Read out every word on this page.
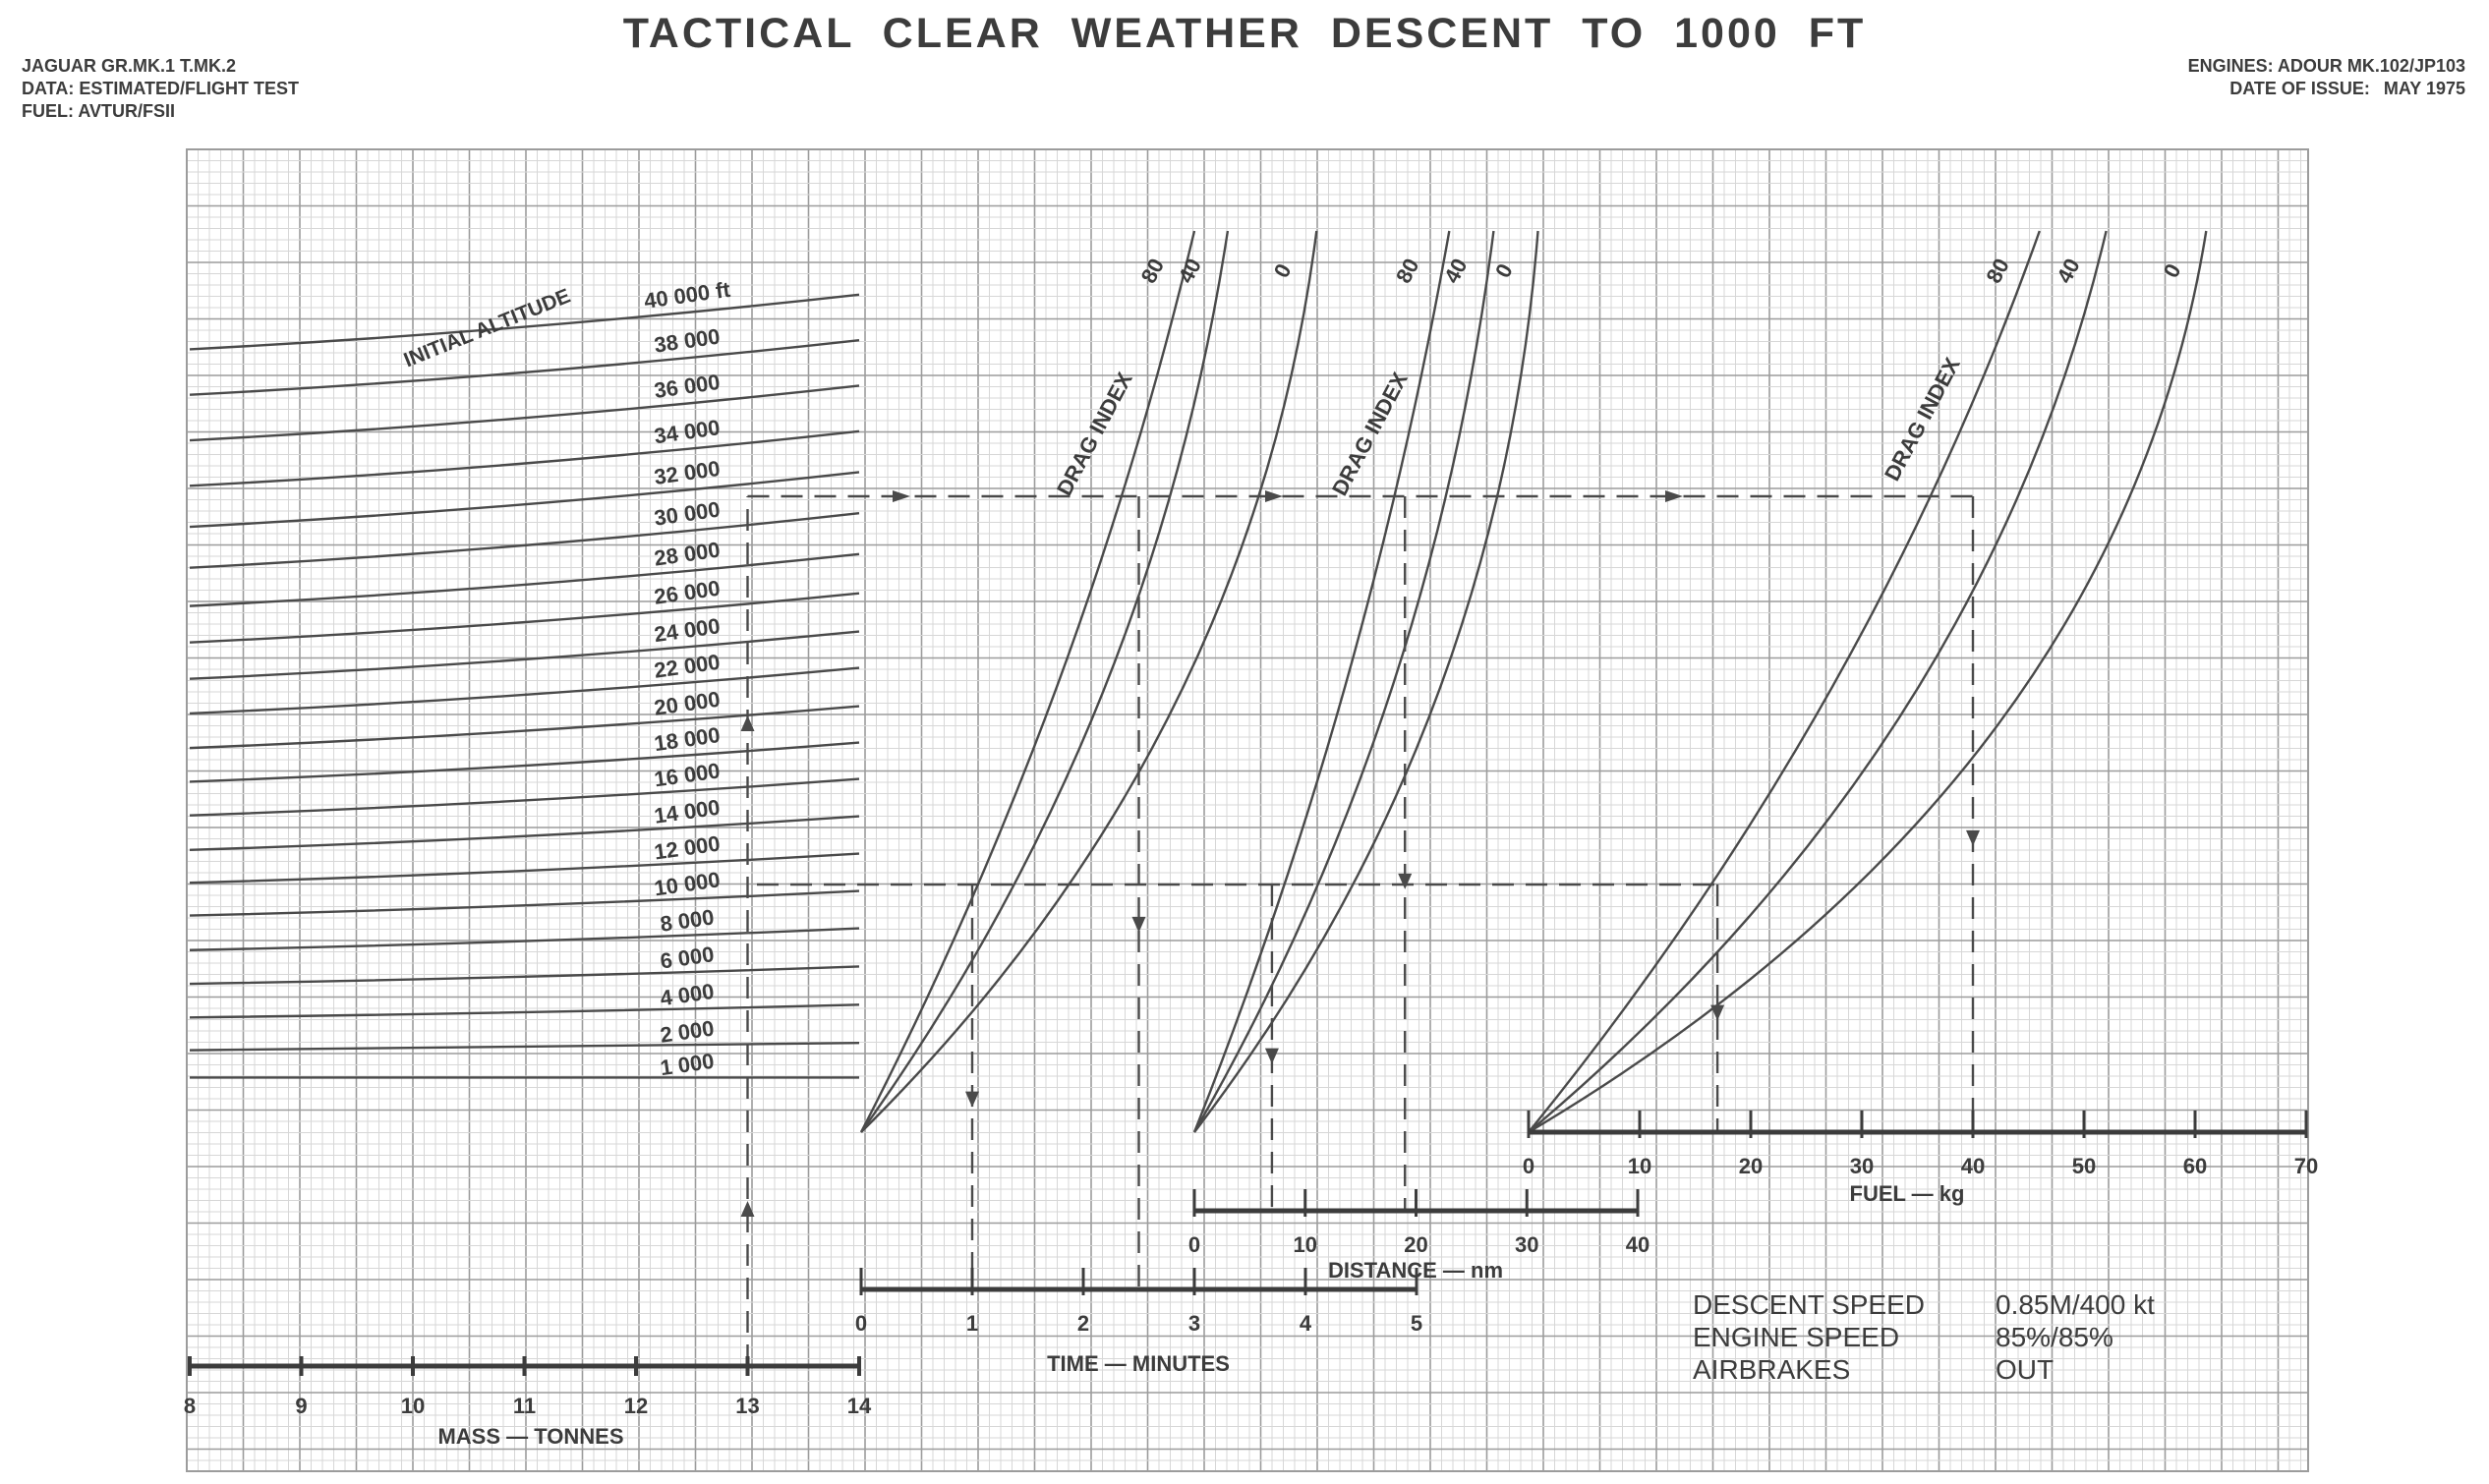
TACTICAL CLEAR WEATHER DESCENT TO 1000 FT
JAGUAR GR.MK.1 T.MK.2
DATA: ESTIMATED/FLIGHT TEST
FUEL: AVTUR/FSII
ENGINES: ADOUR MK.102/JP103
DATE OF ISSUE: MAY 1975
40 000 ft
38 000
36 000
34 000
32 000
30 000
28 000
26 000
24 000
22 000
20 000
18 000
16 000
14 000
12 000
10 000
8 000
6 000
4 000
2 000
1 000
INITIAL ALTITUDE
8	9	10	11	12	13	14
MASS — TONNES
80 40	0
DRAG INDEX
0	1	2	3	4	5
TIME — MINUTES
80 40 0
DRAG INDEX
0	10	20	30	40
DISTANCE — nm
80 40	0
DRAG INDEX
0	10	20	30	40	50	60	70
FUEL — kg
DESCENT SPEED	0.85M/400 kt
ENGINE SPEED	85%/85%
AIRBRAKES	OUT
